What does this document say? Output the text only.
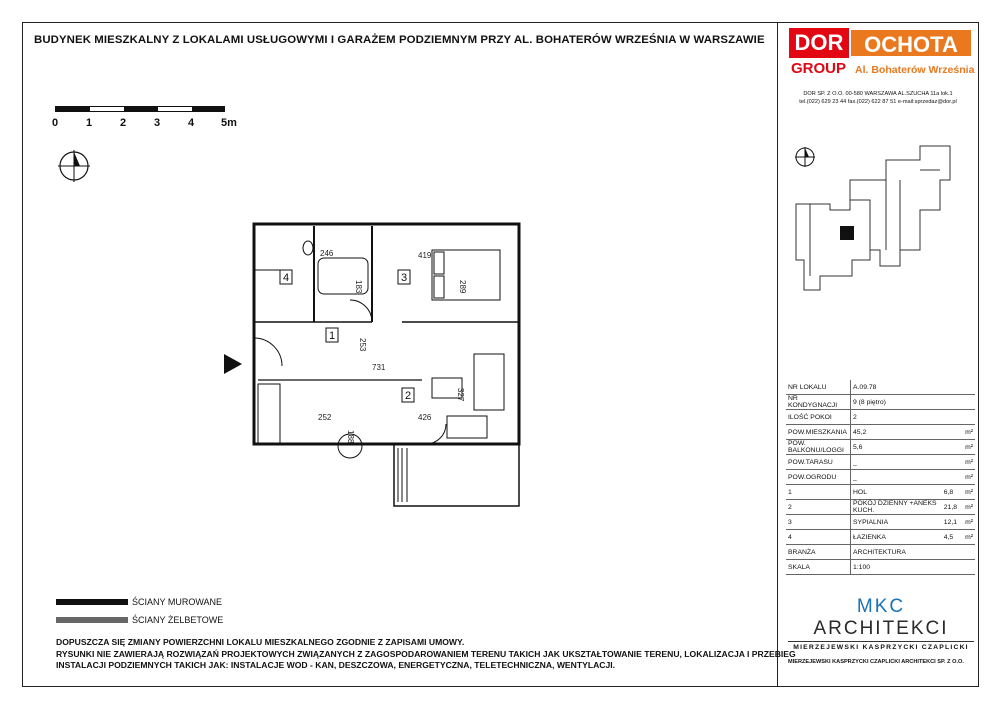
BUDYNEK MIESZKALNY Z LOKALAMI USŁUGOWYMI I GARAŻEM PODZIEMNYM PRZY AL. BOHATERÓW WRZEŚNIA W WARSZAWIE
0	1	2	3	4 5m
4
1
3
2
246
183
419
289
253
731
327
252	426
188
ŚCIANY MUROWANE
ŚCIANY ŻELBETOWE
DOPUSZCZA SIĘ ZMIANY POWIERZCHNI LOKALU MIESZKALNEGO ZGODNIE Z ZAPISAMI UMOWY.
RYSUNKI NIE ZAWIERAJĄ ROZWIĄZAŃ PROJEKTOWYCH ZWIĄZANYCH Z ZAGOSPODAROWANIEM TERENU TAKICH JAK UKSZTAŁTOWANIE TERENU, LOKALIZACJA I PRZEBIEG
INSTALACJI PODZIEMNYCH TAKICH JAK: INSTALACJE WOD - KAN, DESZCZOWA, ENERGETYCZNA, TELETECHNICZNA, WENTYLACJI.
DOR OCHOTA
GROUP Al. Bohaterów Września
DOR SP. Z O.O. 00-580 WARSZAWA AL.SZUCHA 11a lok.1
tel.(022) 629 23 44 fax.(022) 622 87 51 e-mail:sprzedaz@dor.pl
NR LOKALU	A.09.78		
NR KONDYGNACJI	9 (8 piętro)		
ILOŚĆ POKOI	2		
POW.MIESZKANIA	45,2		m²
POW. BALKONU/LOGGI	5,6		m²
POW.TARASU	_		m²
POW.OGRODU	_		m²
1	HOL	6,8	m²
2	POKÓJ DZIENNY +ANEKS KUCH.	21,8	m²
3	SYPIALNIA	12,1	m²
4	ŁAZIENKA	4,5	m²
BRANŻA	ARCHITEKTURA		
SKALA	1:100		
MKC ARCHITEKCI
MIERZEJEWSKI KASPRZYCKI CZAPLICKI
MIERZEJEWSKI KASPRZYCKI CZAPLICKI ARCHITEKCI SP. Z O.O.
